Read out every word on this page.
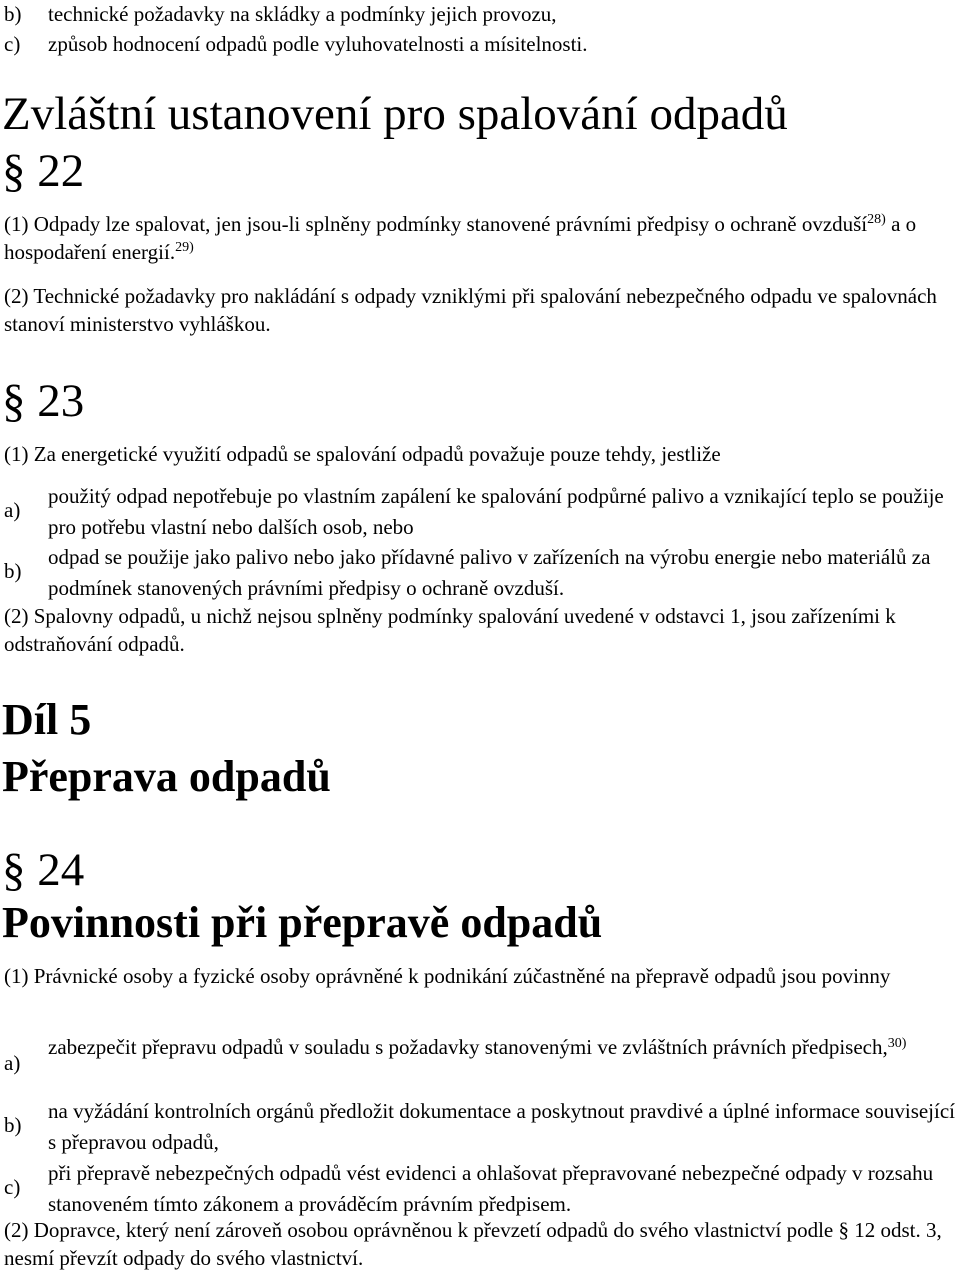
b) technické požadavky na skládky a podmínky jejich provozu,
c) způsob hodnocení odpadů podle vyluhovatelnosti a mísitelnosti.
Zvláštní ustanovení pro spalování odpadů
§ 22

(1) Odpady lze spalovat, jen jsou-li splněny podmínky stanovené právními předpisy o ochraně ovzduší$^{28)}$ a o hospodaření energií.$^{29)}$

(2) Technické požadavky pro nakládání s odpady vzniklými při spalování nebezpečného odpadu ve spalovnách stanoví ministerstvo vyhláškou.

§ 23

(1) Za energetické využití odpadů se spalování odpadů považuje pouze tehdy, jestliže

a)
použitý odpad nepotřebuje po vlastním zapálení ke spalování podpůrné palivo a vznikající teplo se použije pro potřebu vlastní nebo dalších osob, nebo
b)
odpad se použije jako palivo nebo jako přídavné palivo v zařízeních na výrobu energie nebo materiálů za podmínek stanovených právními předpisy o ochraně ovzduší.

(2) Spalovny odpadů, u nichž nejsou splněny podmínky spalování uvedené v odstavci 1, jsou zařízeními k odstraňování odpadů.

Díl 5
Přeprava odpadů
§ 24
Povinnosti při přepravě odpadů

(1) Právnické osoby a fyzické osoby oprávněné k podnikání zúčastněné na přepravě odpadů jsou povinny

a)
zabezpečit přepravu odpadů v souladu s požadavky stanovenými ve zvláštních právních předpisech,$^{30)}$
b)
na vyžádání kontrolních orgánů předložit dokumentace a poskytnout pravdivé a úplné informace související s přepravou odpadů,
c)
při přepravě nebezpečných odpadů vést evidenci a ohlašovat přepravované nebezpečné odpady v rozsahu stanoveném tímto zákonem a prováděcím právním předpisem.

(2) Dopravce, který není zároveň osobou oprávněnou k převzetí odpadů do svého vlastnictví podle § 12 odst. 3, nesmí převzít odpady do svého vlastnictví.
